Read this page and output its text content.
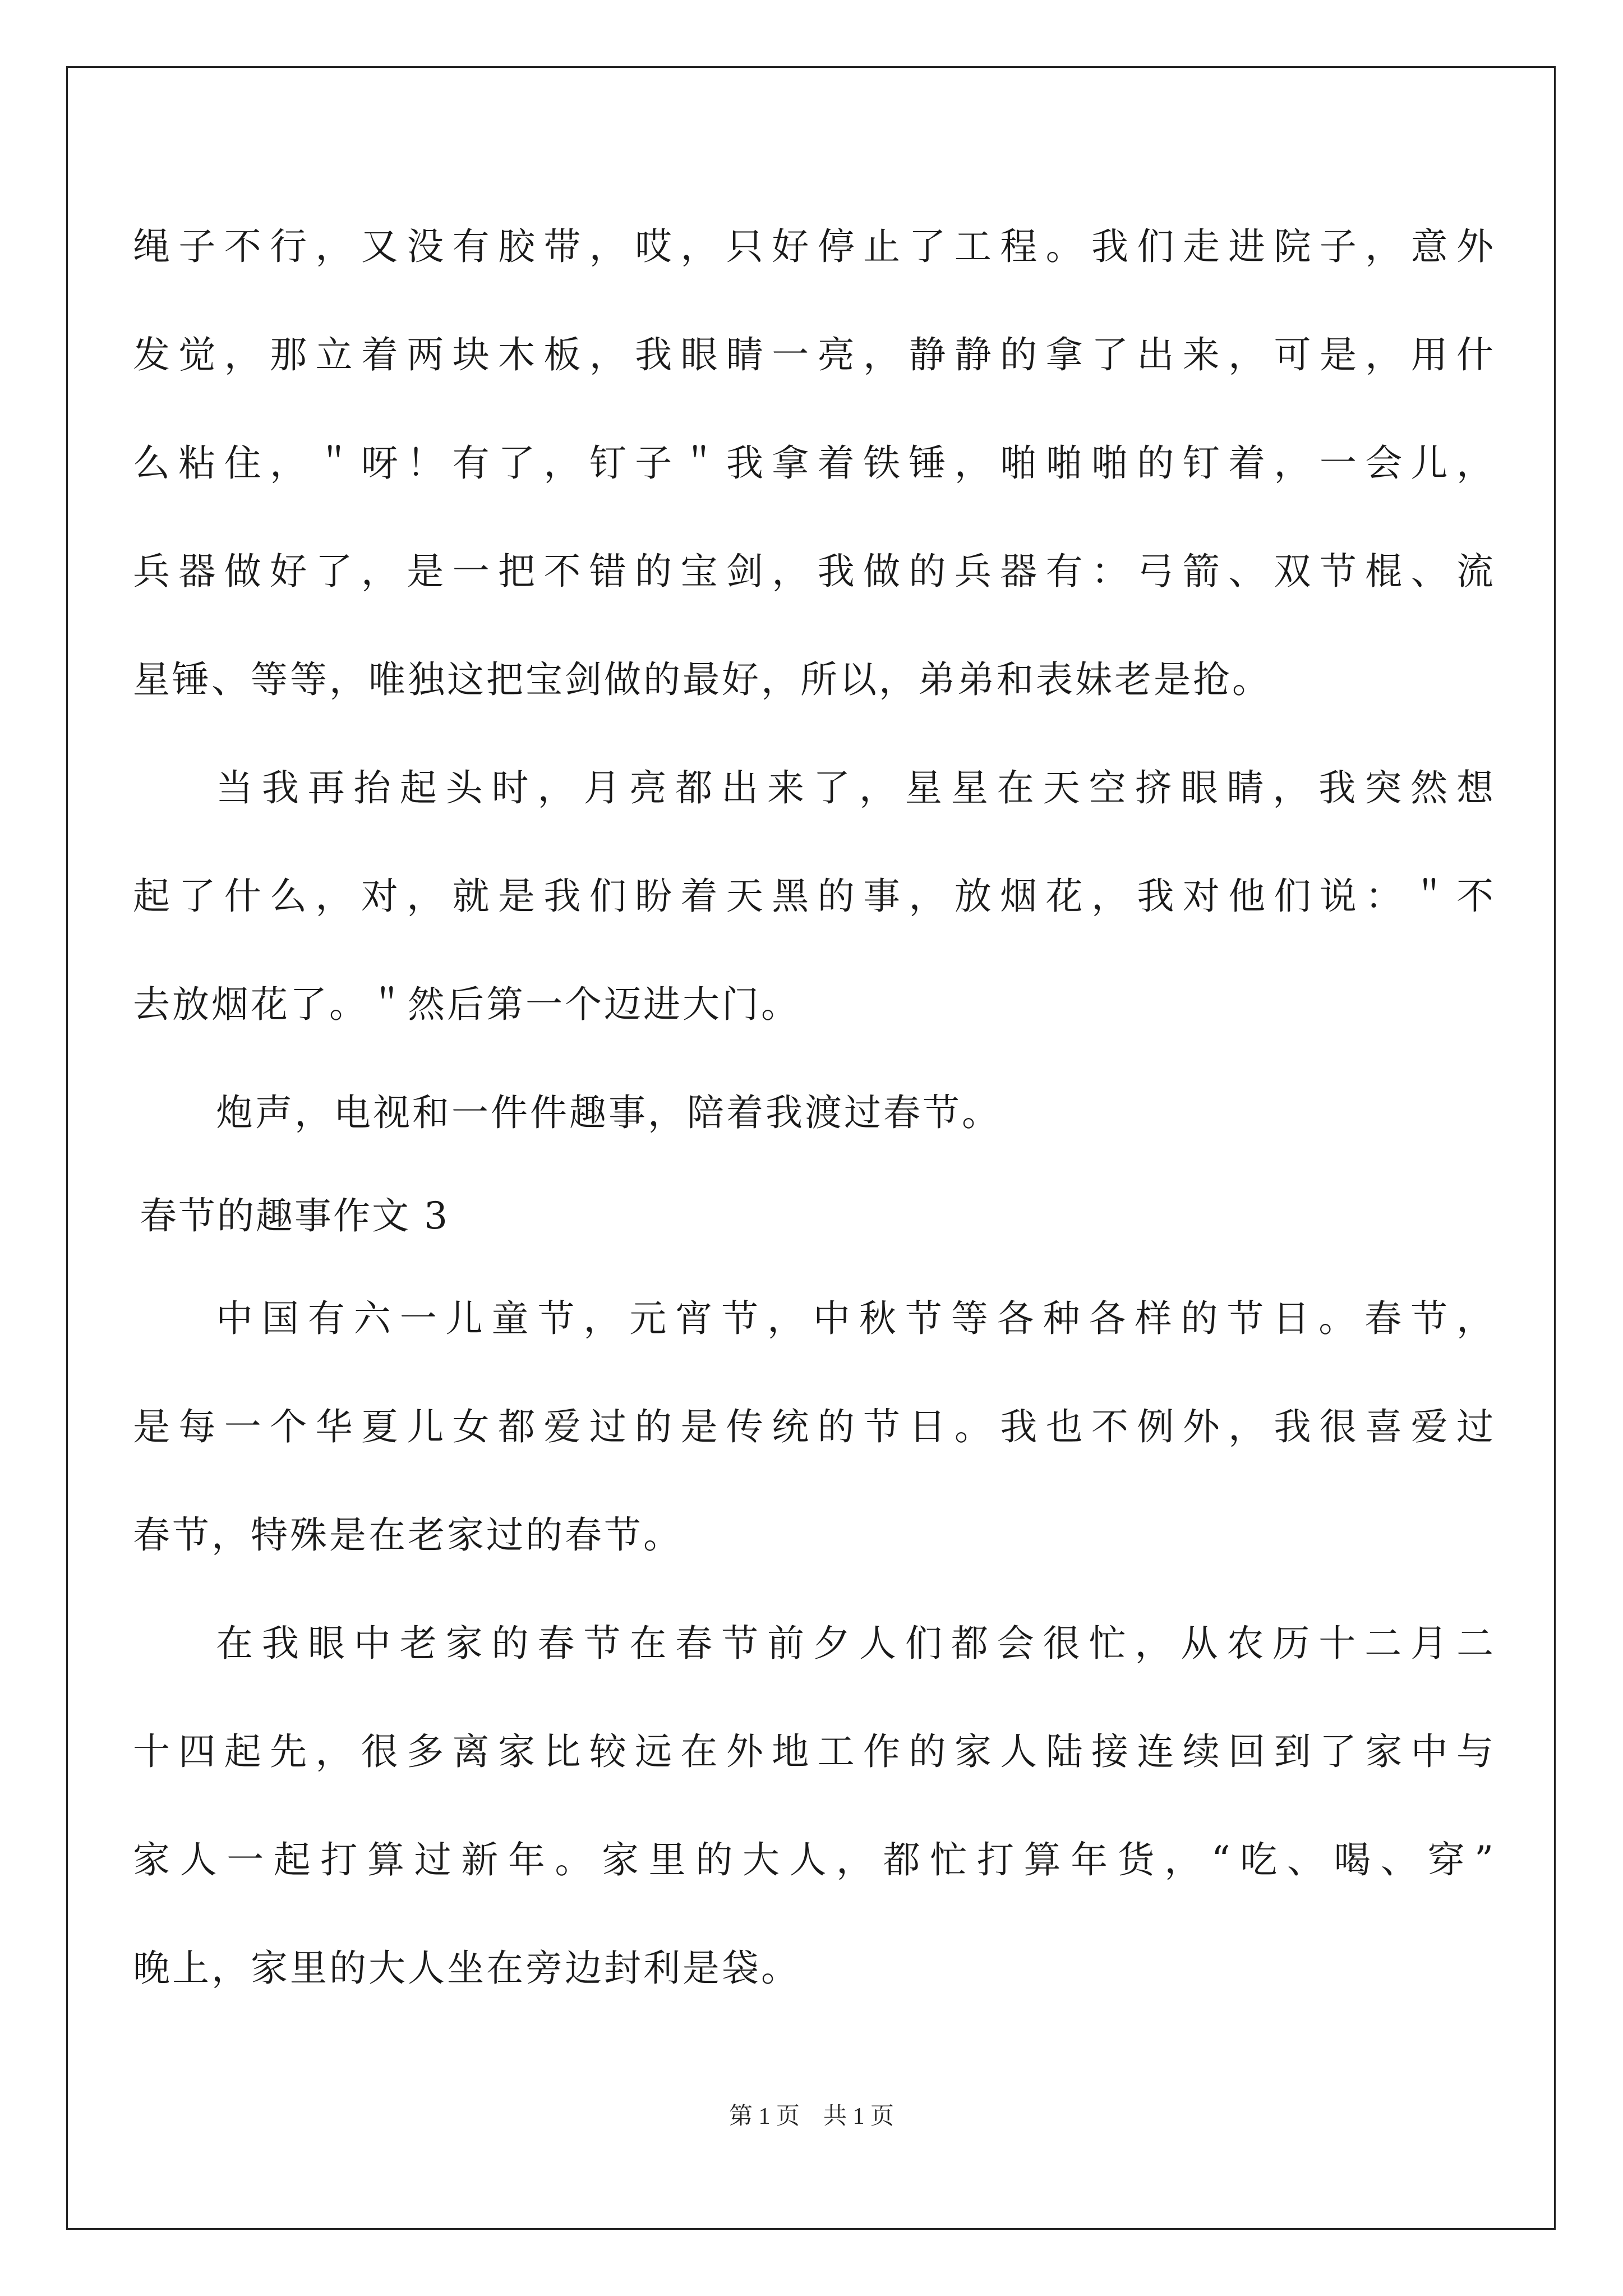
绳子不行，又没有胶带，哎，只好停止了工程。我们走进院子，意外
发觉，那立着两块木板，我眼睛一亮，静静的拿了出来，可是，用什
么粘住，＂呀！有了，钉子＂我拿着铁锤，啪啪啪的钉着，一会儿，
兵器做好了，是一把不错的宝剑，我做的兵器有：弓箭、双节棍、流
星锤、等等，唯独这把宝剑做的最好，所以，弟弟和表妹老是抢。
当我再抬起头时，月亮都出来了，星星在天空挤眼睛，我突然想
起了什么，对，就是我们盼着天黑的事，放烟花，我对他们说：＂不
去放烟花了。＂然后第一个迈进大门。
炮声，电视和一件件趣事，陪着我渡过春节。
春节的趣事作文 3
中国有六一儿童节，元宵节，中秋节等各种各样的节日。春节，
是每一个华夏儿女都爱过的是传统的节日。我也不例外，我很喜爱过
春节，特殊是在老家过的春节。
在我眼中老家的春节在春节前夕人们都会很忙，从农历十二月二
十四起先，很多离家比较远在外地工作的家人陆接连续回到了家中与
家人一起打算过新年。家里的大人，都忙打算年货，“吃、喝、穿”
晚上，家里的大人坐在旁边封利是袋。
第 1 页　共 1 页
